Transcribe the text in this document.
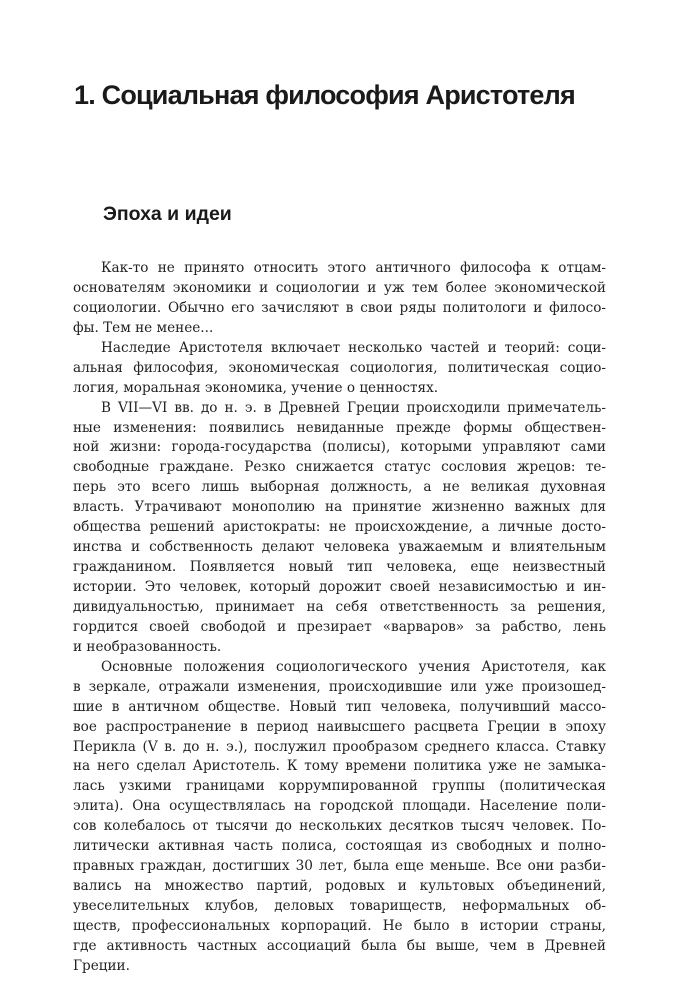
1. Социальная философия Аристотеля
Эпоха и идеи
Как-то не принято относить этого античного философа к отцам-
основателям экономики и социологии и уж тем более экономической
социологии. Обычно его зачисляют в свои ряды политологи и филосо-
фы. Тем не менее...
Наследие Аристотеля включает несколько частей и теорий: соци-
альная философия, экономическая социология, политическая социо-
логия, моральная экономика, учение о ценностях.
В VII—VI вв. до н. э. в Древней Греции происходили примечатель-
ные изменения: появились невиданные прежде формы обществен-
ной жизни: города-государства (полисы), которыми управляют сами
свободные граждане. Резко снижается статус сословия жрецов: те-
перь это всего лишь выборная должность, а не великая духовная
власть. Утрачивают монополию на принятие жизненно важных для
общества решений аристократы: не происхождение, а личные досто-
инства и собственность делают человека уважаемым и влиятельным
гражданином. Появляется новый тип человека, еще неизвестный
истории. Это человек, который дорожит своей независимостью и ин-
дивидуальностью, принимает на себя ответственность за решения,
гордится своей свободой и презирает «варваров» за рабство, лень
и необразованность.
Основные положения социологического учения Аристотеля, как
в зеркале, отражали изменения, происходившие или уже произошед-
шие в античном обществе. Новый тип человека, получивший массо-
вое распространение в период наивысшего расцвета Греции в эпоху
Перикла (V в. до н. э.), послужил прообразом среднего класса. Ставку
на него сделал Аристотель. К тому времени политика уже не замыка-
лась узкими границами коррумпированной группы (политическая
элита). Она осуществлялась на городской площади. Население поли-
сов колебалось от тысячи до нескольких десятков тысяч человек. По-
литически активная часть полиса, состоящая из свободных и полно-
правных граждан, достигших 30 лет, была еще меньше. Все они разби-
вались на множество партий, родовых и культовых объединений,
увеселительных клубов, деловых товариществ, неформальных об-
ществ, профессиональных корпораций. Не было в истории страны,
где активность частных ассоциаций была бы выше, чем в Древней
Греции.
